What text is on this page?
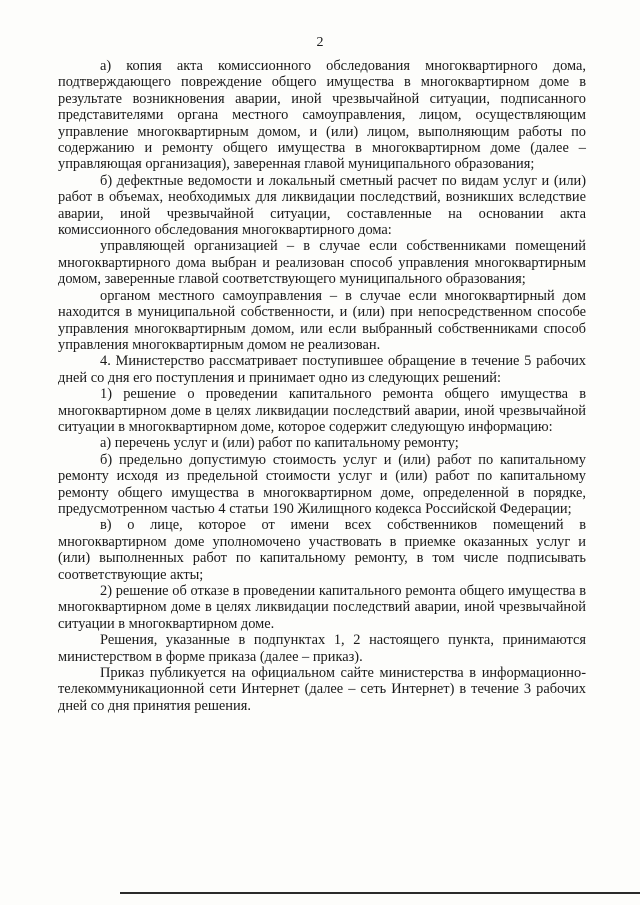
2

а) копия акта комиссионного обследования многоквартирного дома, подтверждающего повреждение общего имущества в многоквартирном доме в результате возникновения аварии, иной чрезвычайной ситуации, подписанного представителями органа местного самоуправления, лицом, осуществляющим управление многоквартирным домом, и (или) лицом, выполняющим работы по содержанию и ремонту общего имущества в многоквартирном доме (далее – управляющая организация), заверенная главой муниципального образования;

б) дефектные ведомости и локальный сметный расчет по видам услуг и (или) работ в объемах, необходимых для ликвидации последствий, возникших вследствие аварии, иной чрезвычайной ситуации, составленные на основании акта комиссионного обследования многоквартирного дома:

управляющей организацией – в случае если собственниками помещений многоквартирного дома выбран и реализован способ управления многоквартирным домом, заверенные главой соответствующего муниципального образования;

органом местного самоуправления – в случае если многоквартирный дом находится в муниципальной собственности, и (или) при непосредственном способе управления многоквартирным домом, или если выбранный собственниками способ управления многоквартирным домом не реализован.

4. Министерство рассматривает поступившее обращение в течение 5 рабочих дней со дня его поступления и принимает одно из следующих решений:

1) решение о проведении капитального ремонта общего имущества в многоквартирном доме в целях ликвидации последствий аварии, иной чрезвычайной ситуации в многоквартирном доме, которое содержит следующую информацию:

а) перечень услуг и (или) работ по капитальному ремонту;

б) предельно допустимую стоимость услуг и (или) работ по капитальному ремонту исходя из предельной стоимости услуг и (или) работ по капитальному ремонту общего имущества в многоквартирном доме, определенной в порядке, предусмотренном частью 4 статьи 190 Жилищного кодекса Российской Федерации;

в) о лице, которое от имени всех собственников помещений в многоквартирном доме уполномочено участвовать в приемке оказанных услуг и (или) выполненных работ по капитальному ремонту, в том числе подписывать соответствующие акты;

2) решение об отказе в проведении капитального ремонта общего имущества в многоквартирном доме в целях ликвидации последствий аварии, иной чрезвычайной ситуации в многоквартирном доме.

Решения, указанные в подпунктах 1, 2 настоящего пункта, принимаются министерством в форме приказа (далее – приказ).

Приказ публикуется на официальном сайте министерства в информационно-телекоммуникационной сети Интернет (далее – сеть Интернет) в течение 3 рабочих дней со дня принятия решения.
